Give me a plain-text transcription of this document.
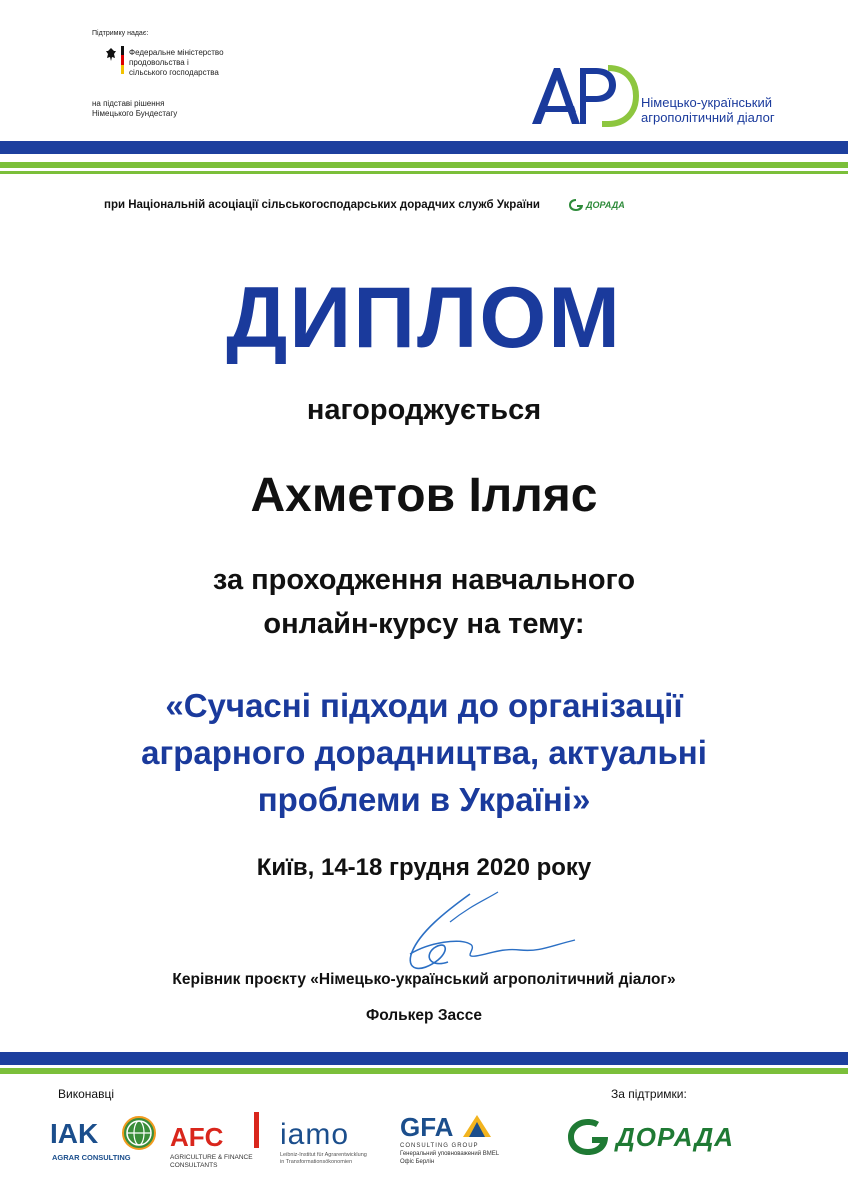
Підтримку надає:
Федеральне міністерство
продовольства і
сільського господарства
на підставі рішення
Німецького Бундестагу
Німецько-український
агрополітичний діалог
при Національній асоціації сільськогосподарських дорадчих служб України	ДОРАДА
ДИПЛОМ
нагороджується
Ахметов Ілляс
за проходження навчального
онлайн-курсу на тему:
«Сучасні підходи до організації
аграрного дорадництва, актуальні
проблеми в Україні»
Київ, 14-18 грудня 2020 року
Керівник проєкту «Німецько-український агрополітичний діалог»
Фолькер Зассе
Виконавці	За підтримки:
IAK
AGRAR CONSULTING
AFC
AGRICULTURE & FINANCE
CONSULTANTS
iamo
Leibniz-Institut für Agrarentwicklung
in Transformationsökonomien
GFA
CONSULTING GROUP
Генеральний уповноважений BMEL
Офіс Берлін
ДОРАДА
